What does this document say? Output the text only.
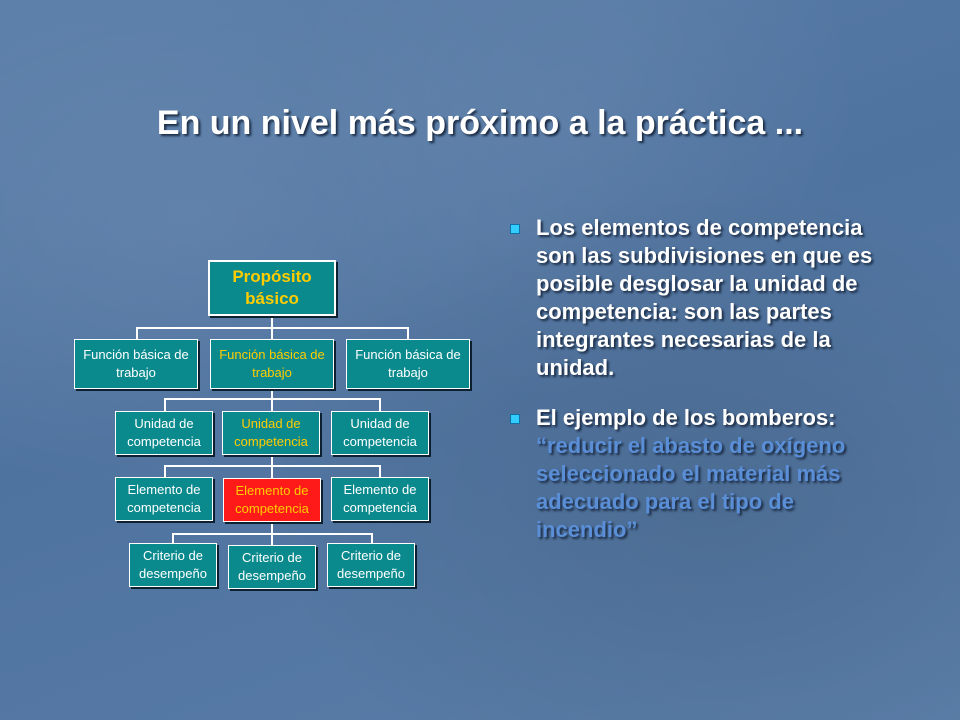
En un nivel más próximo a la práctica ...
Propósito básico
Función básica de trabajo
Función básica de trabajo
Función básica de trabajo
Unidad de competencia
Unidad de competencia
Unidad de competencia
Elemento de competencia
Elemento de competencia
Elemento de competencia
Criterio de desempeño
Criterio de desempeño
Criterio de desempeño
Los elementos de competencia son las subdivisiones en que es posible desglosar la unidad de competencia: son las partes integrantes necesarias de la unidad.
El ejemplo de los bomberos: “reducir el abasto de oxígeno seleccionado el material más adecuado para el tipo de incendio”
